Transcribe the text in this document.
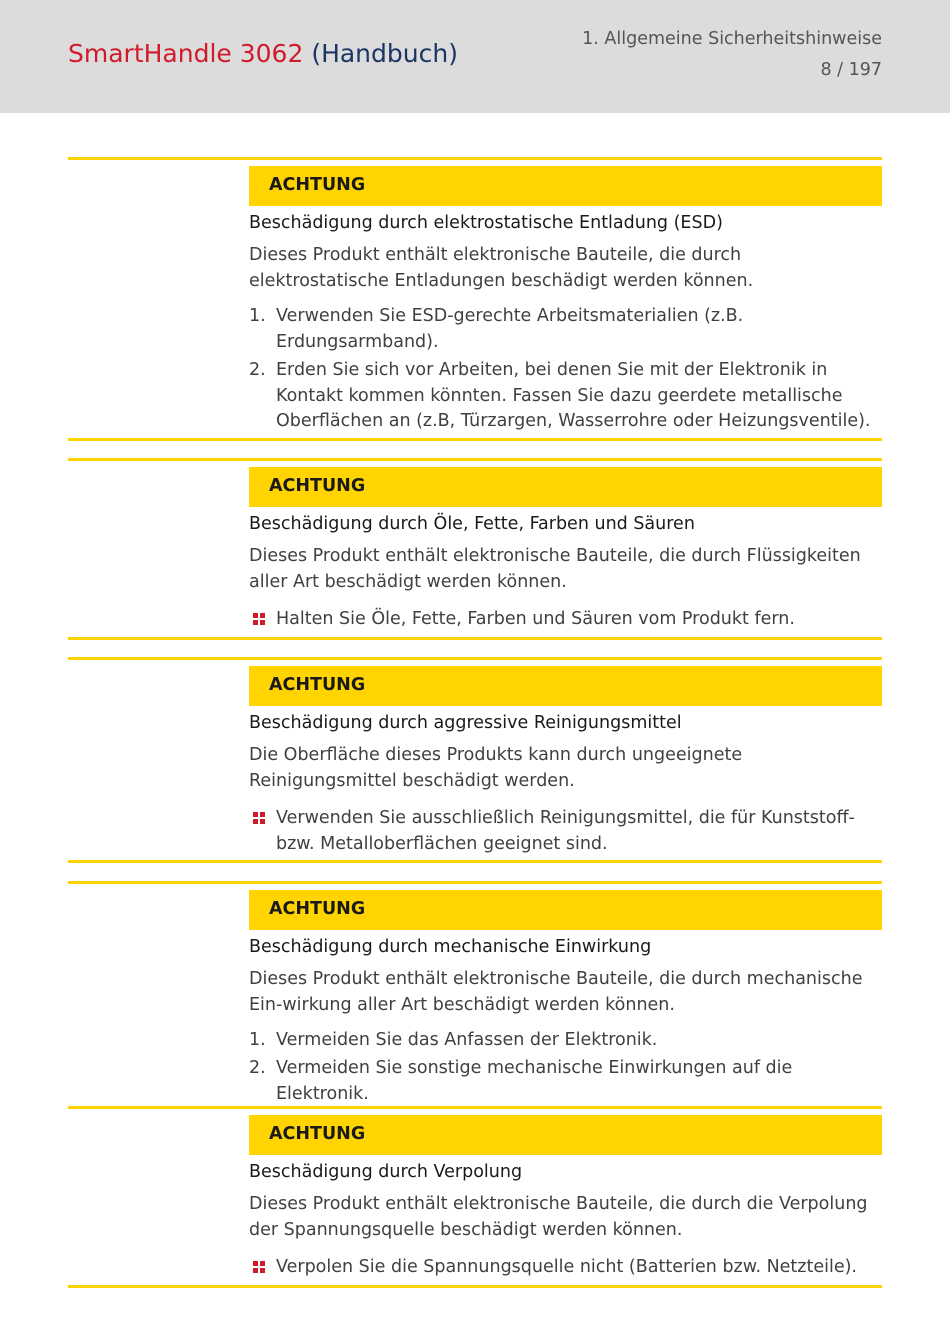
SmartHandle 3062 (Handbuch)	1. Allgemeine Sicherheitshinweise
8 / 197
ACHTUNG
Beschädigung durch elektrostatische Entladung (ESD)
Dieses Produkt enthält elektronische Bauteile, die durch elektrostatische Entladungen beschädigt werden können.
1. Verwenden Sie ESD-gerechte Arbeitsmaterialien (z.B. Erdungsarmband).
2. Erden Sie sich vor Arbeiten, bei denen Sie mit der Elektronik in Kontakt kommen könnten. Fassen Sie dazu geerdete metallische Oberflächen an (z.B, Türzargen, Wasserrohre oder Heizungsventile).
ACHTUNG
Beschädigung durch Öle, Fette, Farben und Säuren
Dieses Produkt enthält elektronische Bauteile, die durch Flüssigkeiten aller Art beschädigt werden können.
Halten Sie Öle, Fette, Farben und Säuren vom Produkt fern.
ACHTUNG
Beschädigung durch aggressive Reinigungsmittel
Die Oberfläche dieses Produkts kann durch ungeeignete Reinigungsmittel beschädigt werden.
Verwenden Sie ausschließlich Reinigungsmittel, die für Kunststoff- bzw. Metalloberflächen geeignet sind.
ACHTUNG
Beschädigung durch mechanische Einwirkung
Dieses Produkt enthält elektronische Bauteile, die durch mechanische Ein-wirkung aller Art beschädigt werden können.
1. Vermeiden Sie das Anfassen der Elektronik.
2. Vermeiden Sie sonstige mechanische Einwirkungen auf die Elektronik.
ACHTUNG
Beschädigung durch Verpolung
Dieses Produkt enthält elektronische Bauteile, die durch die Verpolung der Spannungsquelle beschädigt werden können.
Verpolen Sie die Spannungsquelle nicht (Batterien bzw. Netzteile).
